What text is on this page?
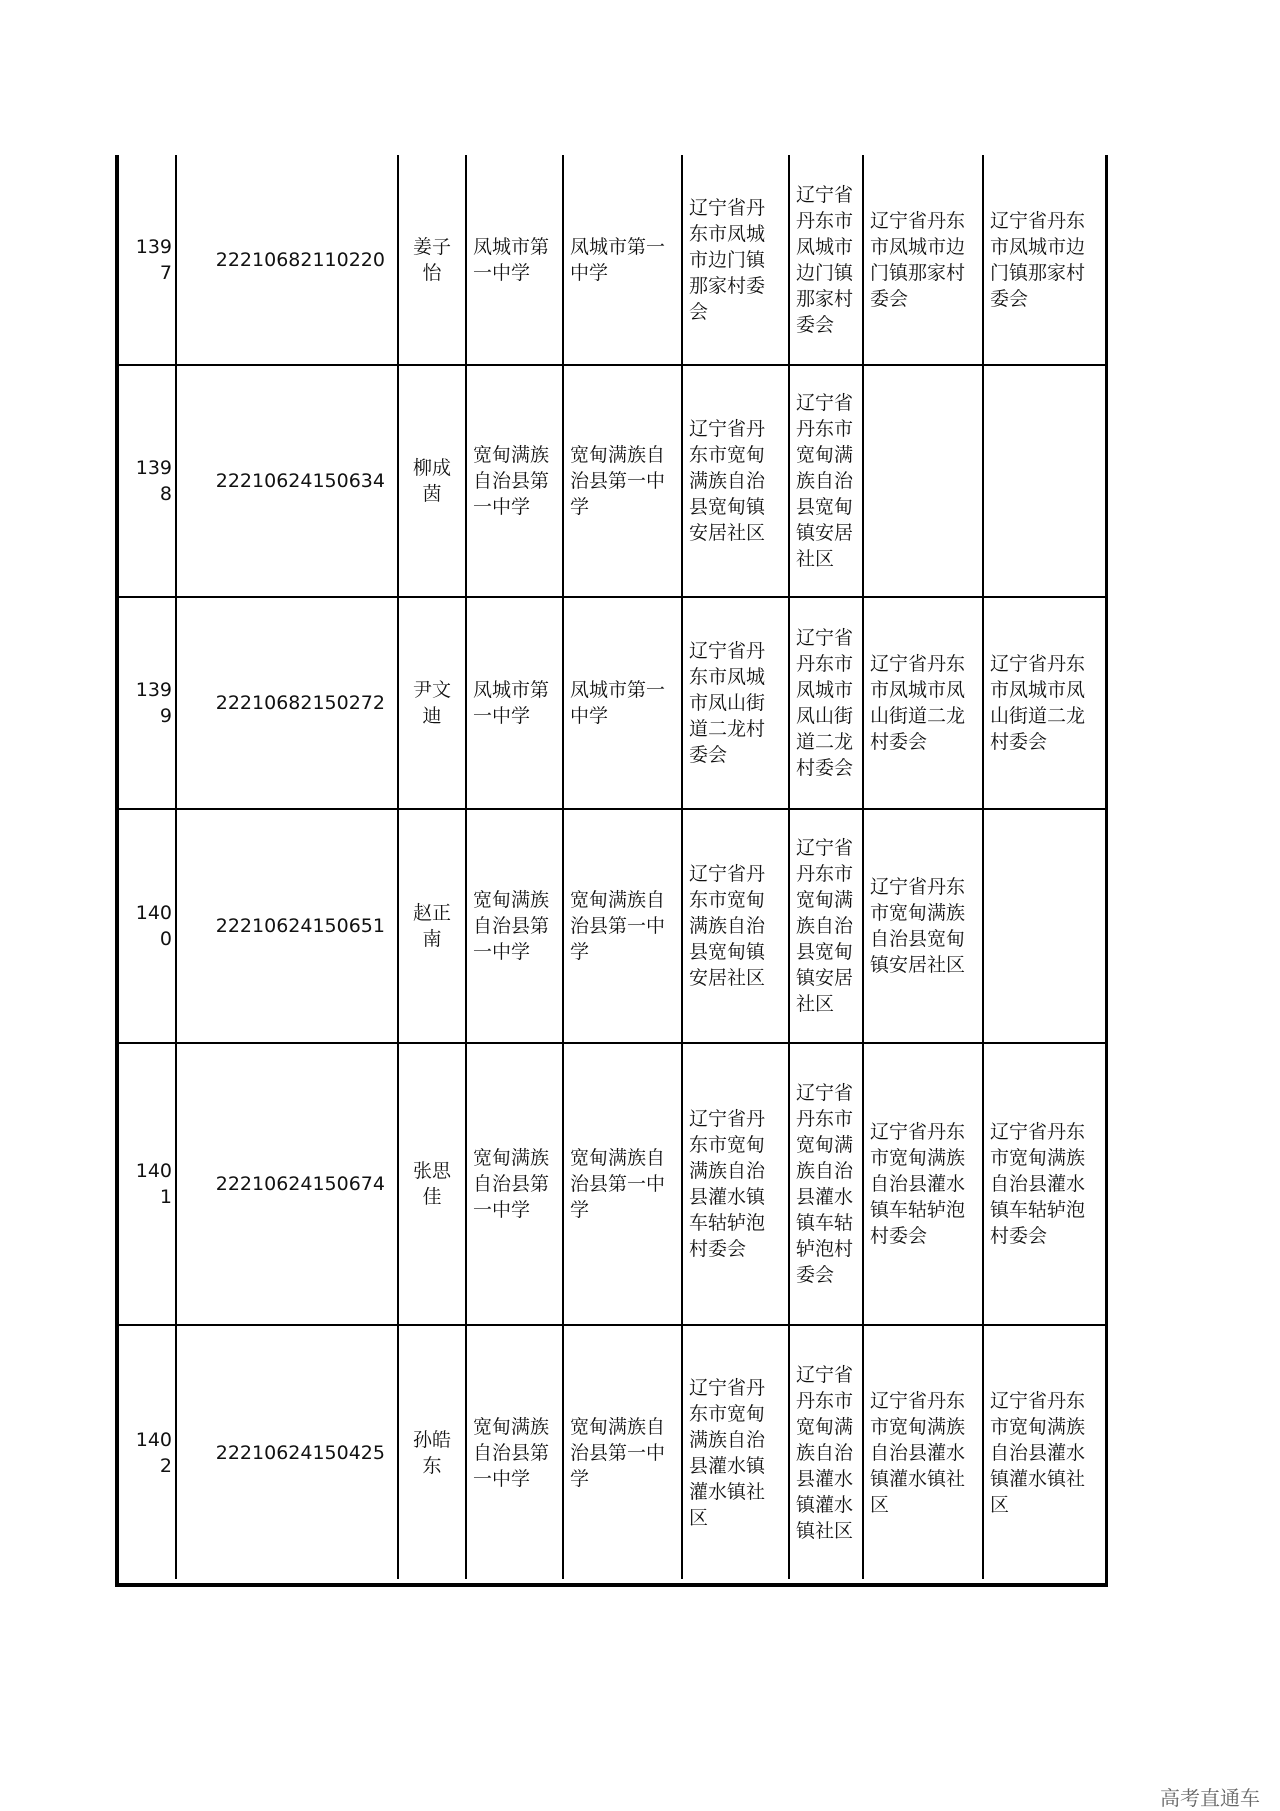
1397	22210682110220	姜子怡	凤城市第一中学	凤城市第一中学	辽宁省丹东市凤城市边门镇那家村委会	辽宁省丹东市凤城市边门镇那家村委会	辽宁省丹东市凤城市边门镇那家村委会	辽宁省丹东市凤城市边门镇那家村委会
1398	22210624150634	柳成茵	宽甸满族自治县第一中学	宽甸满族自治县第一中学	辽宁省丹东市宽甸满族自治县宽甸镇安居社区	辽宁省丹东市宽甸满族自治县宽甸镇安居社区		
1399	22210682150272	尹文迪	凤城市第一中学	凤城市第一中学	辽宁省丹东市凤城市凤山街道二龙村委会	辽宁省丹东市凤城市凤山街道二龙村委会	辽宁省丹东市凤城市凤山街道二龙村委会	辽宁省丹东市凤城市凤山街道二龙村委会
1400	22210624150651	赵正南	宽甸满族自治县第一中学	宽甸满族自治县第一中学	辽宁省丹东市宽甸满族自治县宽甸镇安居社区	辽宁省丹东市宽甸满族自治县宽甸镇安居社区	辽宁省丹东市宽甸满族自治县宽甸镇安居社区	
1401	22210624150674	张思佳	宽甸满族自治县第一中学	宽甸满族自治县第一中学	辽宁省丹东市宽甸满族自治县灌水镇车轱轳泡村委会	辽宁省丹东市宽甸满族自治县灌水镇车轱轳泡村委会	辽宁省丹东市宽甸满族自治县灌水镇车轱轳泡村委会	辽宁省丹东市宽甸满族自治县灌水镇车轱轳泡村委会
1402	22210624150425	孙皓东	宽甸满族自治县第一中学	宽甸满族自治县第一中学	辽宁省丹东市宽甸满族自治县灌水镇灌水镇社区	辽宁省丹东市宽甸满族自治县灌水镇灌水镇社区	辽宁省丹东市宽甸满族自治县灌水镇灌水镇社区	辽宁省丹东市宽甸满族自治县灌水镇灌水镇社区
高考直通车
